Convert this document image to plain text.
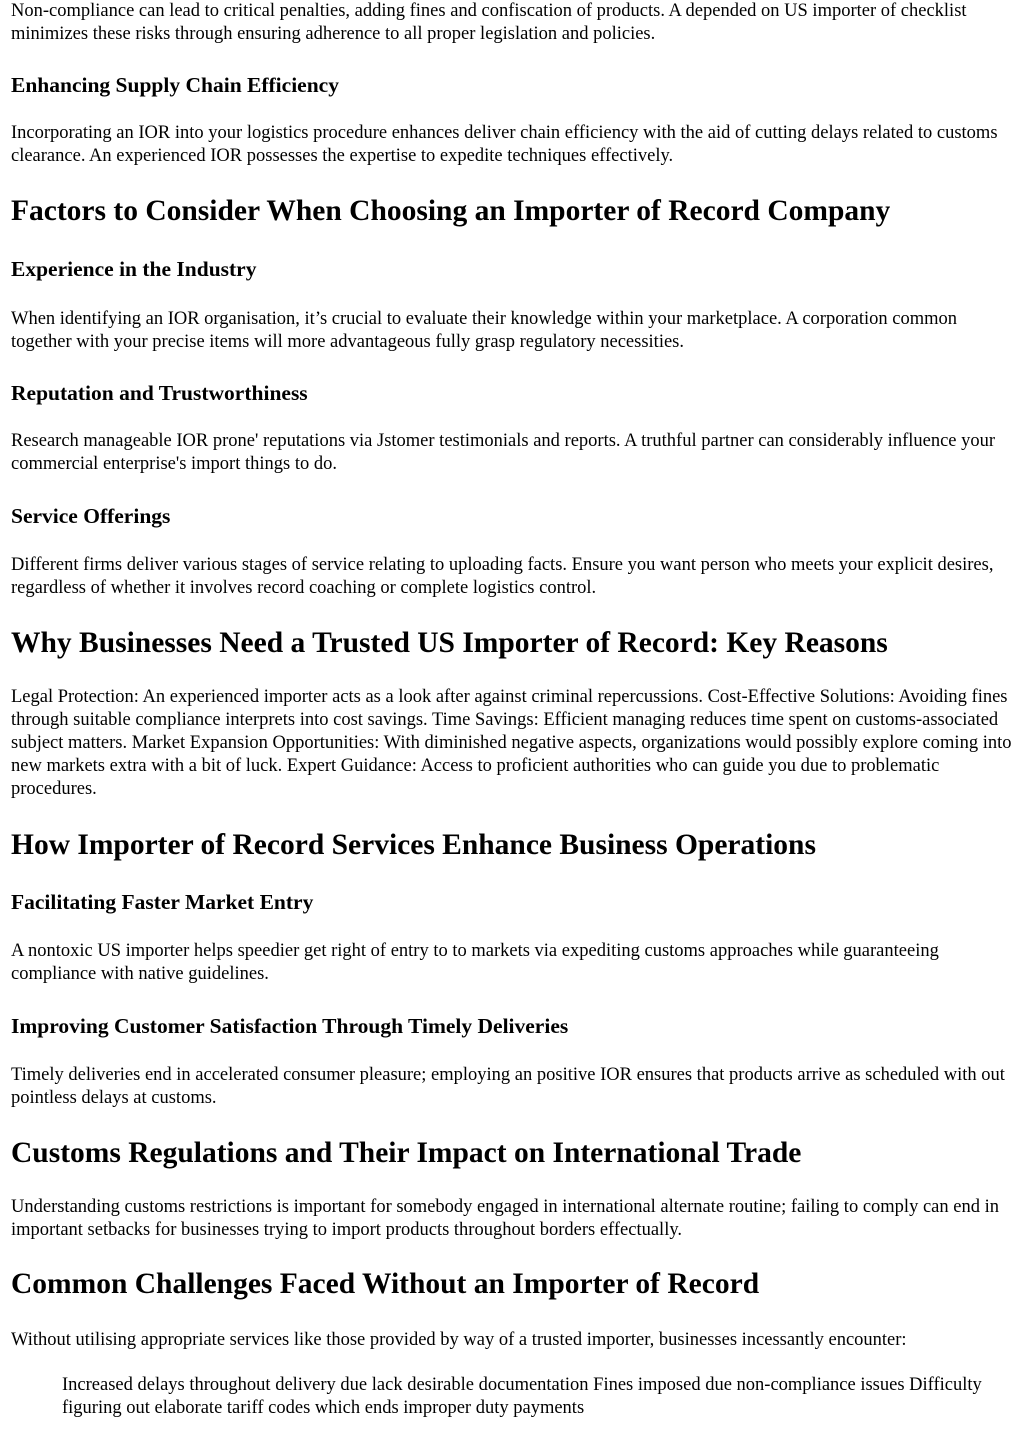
Non-compliance can lead to critical penalties, adding fines and confiscation of products. A depended on US importer of checklist minimizes these risks through ensuring adherence to all proper legislation and policies.

Enhancing Supply Chain Efficiency

Incorporating an IOR into your logistics procedure enhances deliver chain efficiency with the aid of cutting delays related to customs clearance. An experienced IOR possesses the expertise to expedite techniques effectively.

Factors to Consider When Choosing an Importer of Record Company
Experience in the Industry

When identifying an IOR organisation, it’s crucial to evaluate their knowledge within your marketplace. A corporation common together with your precise items will more advantageous fully grasp regulatory necessities.

Reputation and Trustworthiness

Research manageable IOR prone' reputations via Jstomer testimonials and reports. A truthful partner can considerably influence your commercial enterprise's import things to do.

Service Offerings

Different firms deliver various stages of service relating to uploading facts. Ensure you want person who meets your explicit desires, regardless of whether it involves record coaching or complete logistics control.

Why Businesses Need a Trusted US Importer of Record: Key Reasons

Legal Protection: An experienced importer acts as a look after against criminal repercussions. Cost-Effective Solutions: Avoiding fines through suitable compliance interprets into cost savings. Time Savings: Efficient managing reduces time spent on customs-associated subject matters. Market Expansion Opportunities: With diminished negative aspects, organizations would possibly explore coming into new markets extra with a bit of luck. Expert Guidance: Access to proficient authorities who can guide you due to problematic procedures.

How Importer of Record Services Enhance Business Operations
Facilitating Faster Market Entry

A nontoxic US importer helps speedier get right of entry to to markets via expediting customs approaches while guaranteeing compliance with native guidelines.

Improving Customer Satisfaction Through Timely Deliveries

Timely deliveries end in accelerated consumer pleasure; employing an positive IOR ensures that products arrive as scheduled with out pointless delays at customs.

Customs Regulations and Their Impact on International Trade

Understanding customs restrictions is important for somebody engaged in international alternate routine; failing to comply can end in important setbacks for businesses trying to import products throughout borders effectually.

Common Challenges Faced Without an Importer of Record

Without utilising appropriate services like those provided by way of a trusted importer, businesses incessantly encounter:

Increased delays throughout delivery due lack desirable documentation Fines imposed due non-compliance issues Difficulty figuring out elaborate tariff codes which ends improper duty payments
